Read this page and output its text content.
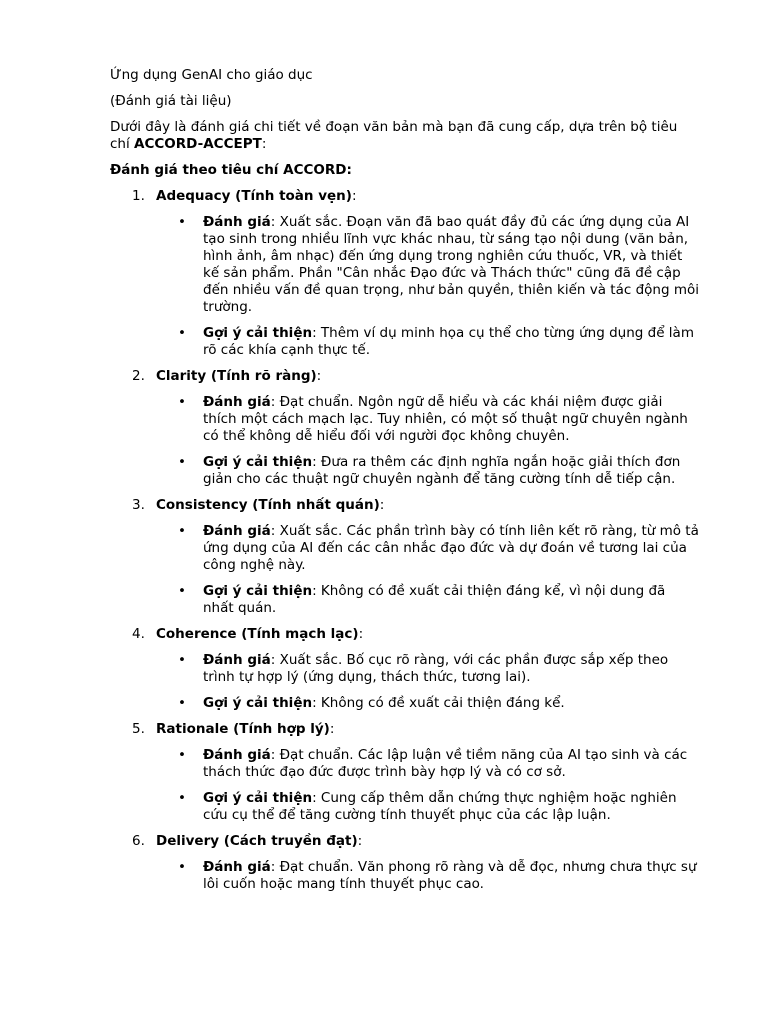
Ứng dụng GenAI cho giáo dục

(Đánh giá tài liệu)

Dưới đây là đánh giá chi tiết về đoạn văn bản mà bạn đã cung cấp, dựa trên bộ tiêu chí ACCORD-ACCEPT:

Đánh giá theo tiêu chí ACCORD:

1. Adequacy (Tính toàn vẹn):

• Đánh giá: Xuất sắc. Đoạn văn đã bao quát đầy đủ các ứng dụng của AI tạo sinh trong nhiều lĩnh vực khác nhau, từ sáng tạo nội dung (văn bản, hình ảnh, âm nhạc) đến ứng dụng trong nghiên cứu thuốc, VR, và thiết kế sản phẩm. Phần "Cân nhắc Đạo đức và Thách thức" cũng đã đề cập đến nhiều vấn đề quan trọng, như bản quyền, thiên kiến và tác động môi trường.
• Gợi ý cải thiện: Thêm ví dụ minh họa cụ thể cho từng ứng dụng để làm rõ các khía cạnh thực tế.
2. Clarity (Tính rõ ràng):

• Đánh giá: Đạt chuẩn. Ngôn ngữ dễ hiểu và các khái niệm được giải thích một cách mạch lạc. Tuy nhiên, có một số thuật ngữ chuyên ngành có thể không dễ hiểu đối với người đọc không chuyên.
• Gợi ý cải thiện: Đưa ra thêm các định nghĩa ngắn hoặc giải thích đơn giản cho các thuật ngữ chuyên ngành để tăng cường tính dễ tiếp cận.
3. Consistency (Tính nhất quán):

• Đánh giá: Xuất sắc. Các phần trình bày có tính liên kết rõ ràng, từ mô tả ứng dụng của AI đến các cân nhắc đạo đức và dự đoán về tương lai của công nghệ này.
• Gợi ý cải thiện: Không có đề xuất cải thiện đáng kể, vì nội dung đã nhất quán.
4. Coherence (Tính mạch lạc):

• Đánh giá: Xuất sắc. Bố cục rõ ràng, với các phần được sắp xếp theo trình tự hợp lý (ứng dụng, thách thức, tương lai).
• Gợi ý cải thiện: Không có đề xuất cải thiện đáng kể.
5. Rationale (Tính hợp lý):

• Đánh giá: Đạt chuẩn. Các lập luận về tiềm năng của AI tạo sinh và các thách thức đạo đức được trình bày hợp lý và có cơ sở.
• Gợi ý cải thiện: Cung cấp thêm dẫn chứng thực nghiệm hoặc nghiên cứu cụ thể để tăng cường tính thuyết phục của các lập luận.
6. Delivery (Cách truyền đạt):

• Đánh giá: Đạt chuẩn. Văn phong rõ ràng và dễ đọc, nhưng chưa thực sự lôi cuốn hoặc mang tính thuyết phục cao.
